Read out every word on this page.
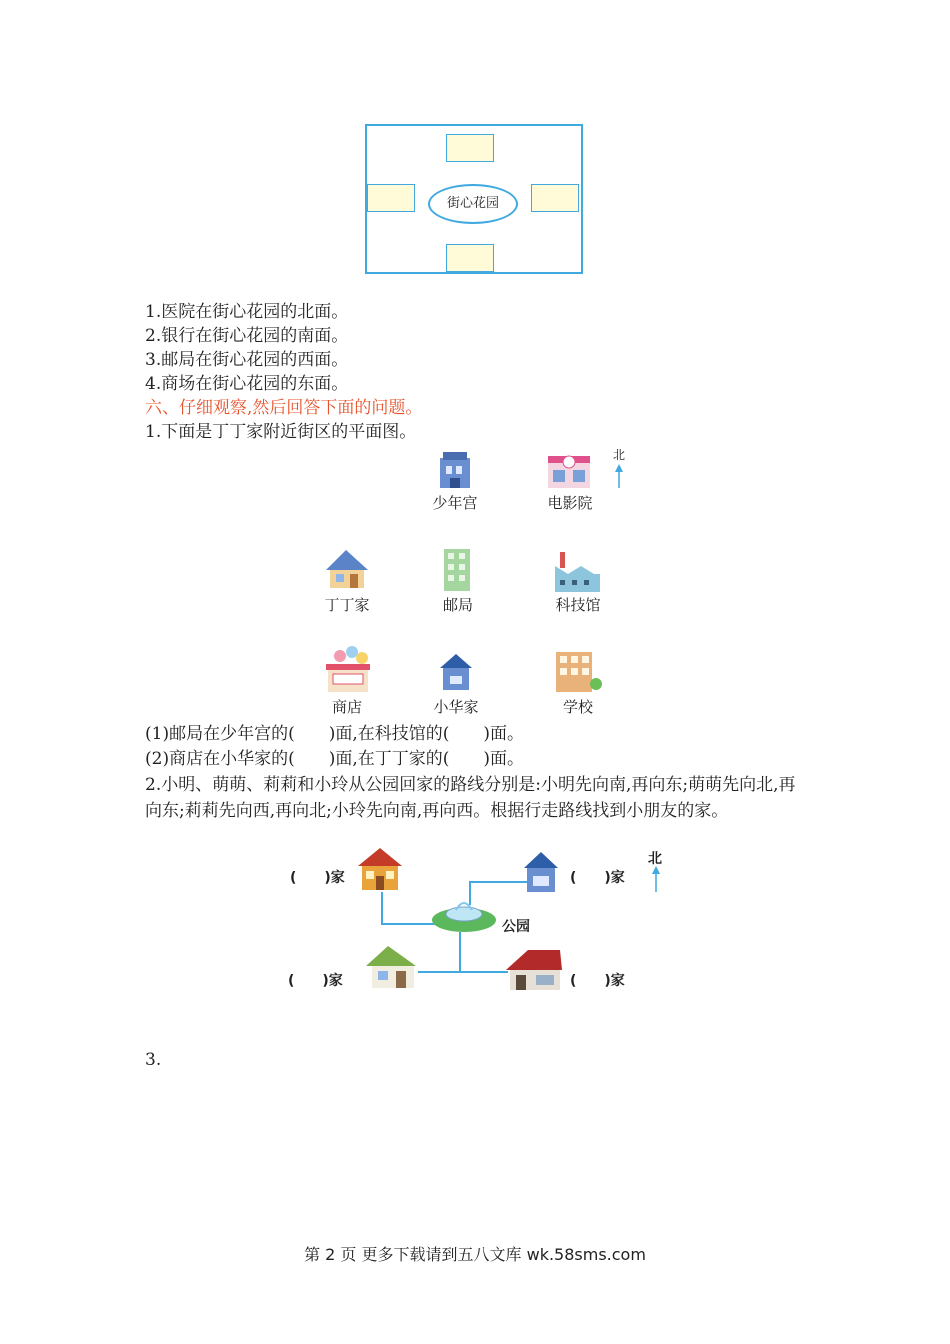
街心花园
1.医院在街心花园的北面。
2.银行在街心花园的南面。
3.邮局在街心花园的西面。
4.商场在街心花园的东面。
六、仔细观察,然后回答下面的问题。
1.下面是丁丁家附近街区的平面图。
少年宫	电影院
北
丁丁家	邮局	科技馆
商店	小华家	学校
(1)邮局在少年宫的(　　)面,在科技馆的(　　)面。
(2)商店在小华家的(　　)面,在丁丁家的(　　)面。
2.小明、萌萌、莉莉和小玲从公园回家的路线分别是:小明先向南,再向东;萌萌先向北,再向东;莉莉先向西,再向北;小玲先向南,再向西。根据行走路线找到小朋友的家。
(　　)家	(　　)家
公园
北
(　　)家	(　　)家
3.
第 2 页 更多下载请到五八文库 wk.58sms.com
